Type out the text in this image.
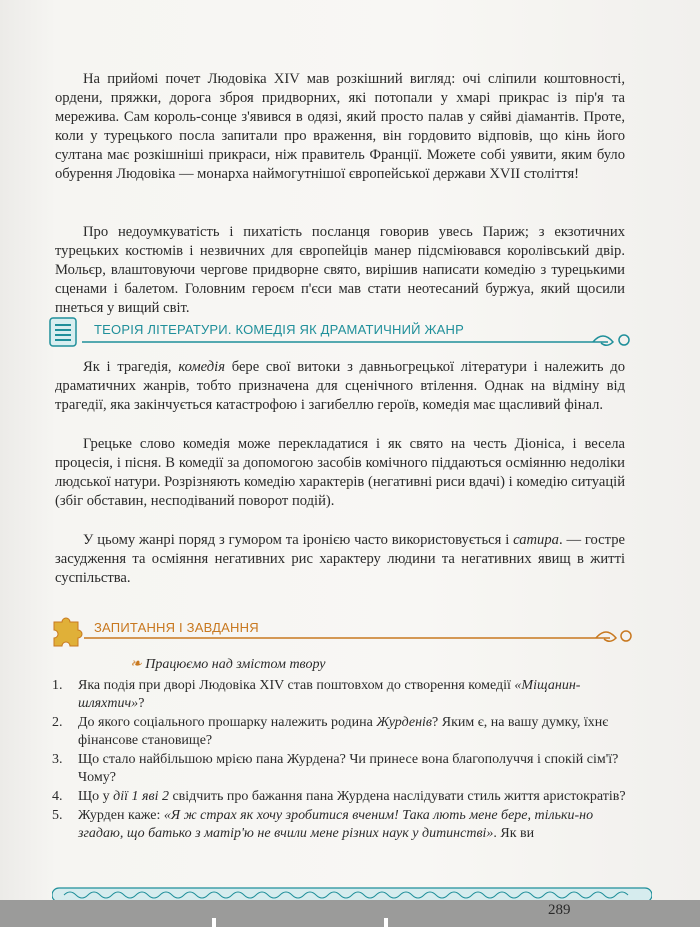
На прийомі почет Людовіка XIV мав розкішний вигляд: очі сліпили коштовності, ордени, пряжки, дорога зброя придворних, які потопали у хмарі прикрас із пір'я та мережива. Сам король-сонце з'явився в одязі, який просто палав у сяйві діамантів. Проте, коли у турецького посла запитали про враження, він гордовито відповів, що кінь його султана має розкішніші прикраси, ніж правитель Франції. Можете собі уявити, яким було обурення Людовіка — монарха наймогутнішої європейської держави XVII століття!

Про недоумкуватість і пихатість посланця говорив увесь Париж; з екзотичних турецьких костюмів і незвичних для європейців манер підсміювався королівський двір. Мольєр, влаштовуючи чергове придворне свято, вирішив написати комедію з турецькими сценами і балетом. Головним героєм п'єси мав стати неотесаний буржуа, який щосили пнеться у вищий світ.

ТЕОРІЯ ЛІТЕРАТУРИ. КОМЕДІЯ ЯК ДРАМАТИЧНИЙ ЖАНР

Як і трагедія, комедія бере свої витоки з давньогрецької літератури і належить до драматичних жанрів, тобто призначена для сценічного втілення. Однак на відміну від трагедії, яка закінчується катастрофою і загибеллю героїв, комедія має щасливий фінал.

Грецьке слово комедія може перекладатися і як свято на честь Діоніса, і весела процесія, і пісня. В комедії за допомогою засобів комічного піддаються осміянню недоліки людської натури. Розрізняють комедію характерів (негативні риси вдачі) і комедію ситуацій (збіг обставин, несподіваний поворот подій).

У цьому жанрі поряд з гумором та іронією часто використовується і сатира. — гостре засудження та осміяння негативних рис характеру людини та негативних явищ в житті суспільства.

ЗАПИТАННЯ І ЗАВДАННЯ
❧ Працюємо над змістом твору
1.	Яка подія при дворі Людовіка XIV став поштовхом до створення комедії «Міщанин-шляхтич»?
2.	До якого соціального прошарку належить родина Журденів? Яким є, на вашу думку, їхнє фінансове становище?
3.	Що стало найбільшою мрією пана Журдена? Чи принесе вона благополуччя і спокій сім'ї? Чому?
4.	Що у дії 1 яві 2 свідчить про бажання пана Журдена наслідувати стиль життя аристократів?
5.	Журден каже: «Я ж страх як хочу зробитися вченим! Така лють мене бере, тільки-но згадаю, що батько з матір'ю не вчили мене різних наук у дитинстві». Як ви
289
